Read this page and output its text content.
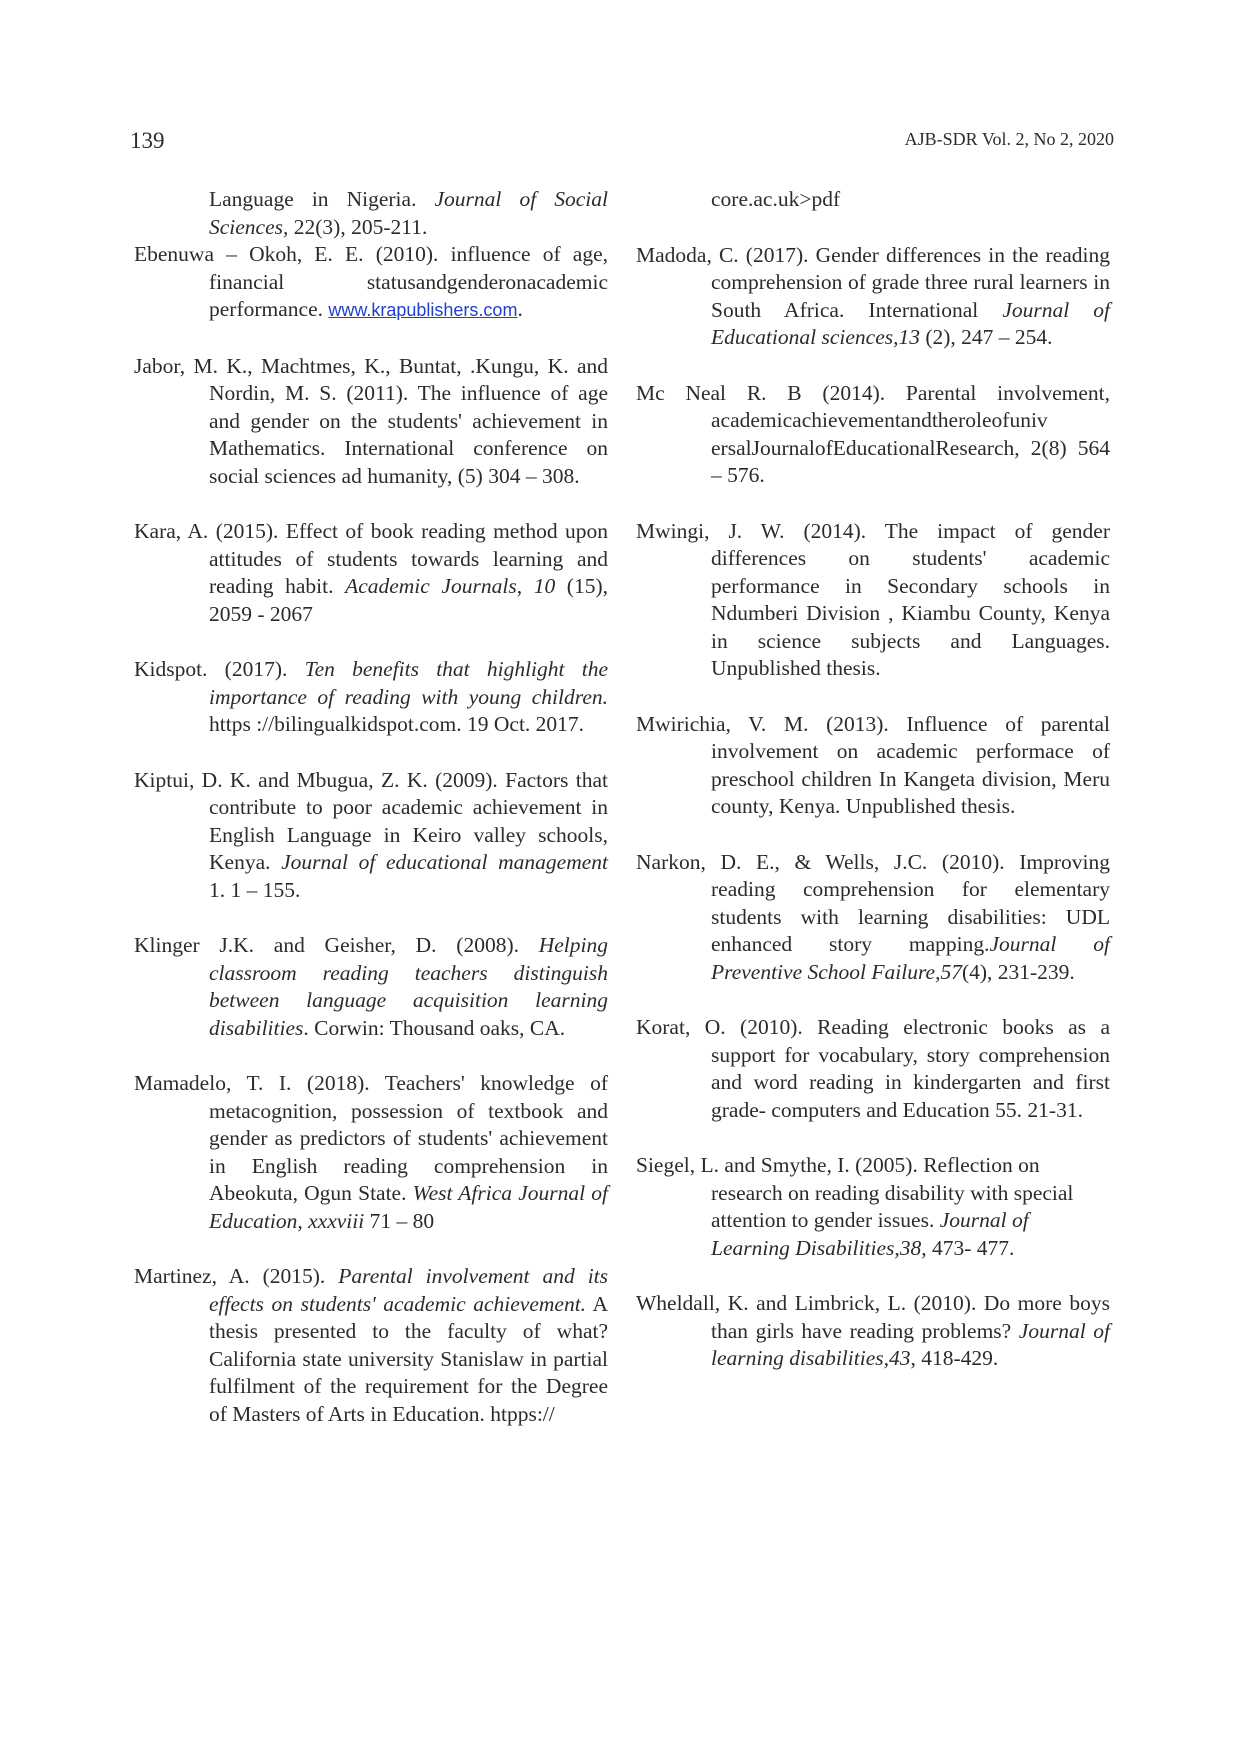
139	AJB-SDR Vol. 2, No 2, 2020

Language in Nigeria. Journal of Social Sciences, 22(3), 205-211.

Ebenuwa – Okoh, E. E. (2010). influence of age, financial statusandgenderonacademic performance. www.krapublishers.com.

Jabor, M. K., Machtmes, K., Buntat, .Kungu, K. and Nordin, M. S. (2011). The influence of age and gender on the students' achievement in Mathematics. International conference on social sciences ad humanity, (5) 304 – 308.

Kara, A. (2015). Effect of book reading method upon attitudes of students towards learning and reading habit. Academic Journals, 10 (15), 2059 - 2067

Kidspot. (2017). Ten benefits that highlight the importance of reading with young children. https ://bilingualkidspot.com. 19 Oct. 2017.

Kiptui, D. K. and Mbugua, Z. K. (2009). Factors that contribute to poor academic achievement in English Language in Keiro valley schools, Kenya. Journal of educational management 1. 1 – 155.

Klinger J.K. and Geisher, D. (2008). Helping classroom reading teachers distinguish between language acquisition learning disabilities. Corwin: Thousand oaks, CA.

Mamadelo, T. I. (2018). Teachers' knowledge of metacognition, possession of textbook and gender as predictors of students' achievement in English reading comprehension in Abeokuta, Ogun State. West Africa Journal of Education, xxxviii 71 – 80

Martinez, A. (2015). Parental involvement and its effects on students' academic achievement. A thesis presented to the faculty of what? California state university Stanislaw in partial fulfilment of the requirement for the Degree of Masters of Arts in Education. htpps://

core.ac.uk>pdf

Madoda, C. (2017). Gender differences in the reading comprehension of grade three rural learners in South Africa. International Journal of Educational sciences,13 (2), 247 – 254.

Mc Neal R. B (2014). Parental involvement, academicachievementandtheroleofuniv ersalJournalofEducationalResearch, 2(8) 564 – 576.

Mwingi, J. W. (2014). The impact of gender differences on students' academic performance in Secondary schools in Ndumberi Division , Kiambu County, Kenya in science subjects and Languages. Unpublished thesis.

Mwirichia, V. M. (2013). Influence of parental involvement on academic performace of preschool children In Kangeta division, Meru county, Kenya. Unpublished thesis.

Narkon, D. E., & Wells, J.C. (2010). Improving reading comprehension for elementary students with learning disabilities: UDL enhanced story mapping.Journal of Preventive School Failure,57(4), 231-239.

Korat, O. (2010). Reading electronic books as a support for vocabulary, story comprehension and word reading in kindergarten and first grade- computers and Education 55. 21-31.

Siegel, L. and Smythe, I. (2005). Reflection on research on reading disability with special attention to gender issues. Journal of Learning Disabilities,38, 473- 477.

Wheldall, K. and Limbrick, L. (2010). Do more boys than girls have reading problems? Journal of learning disabilities,43, 418-429.
